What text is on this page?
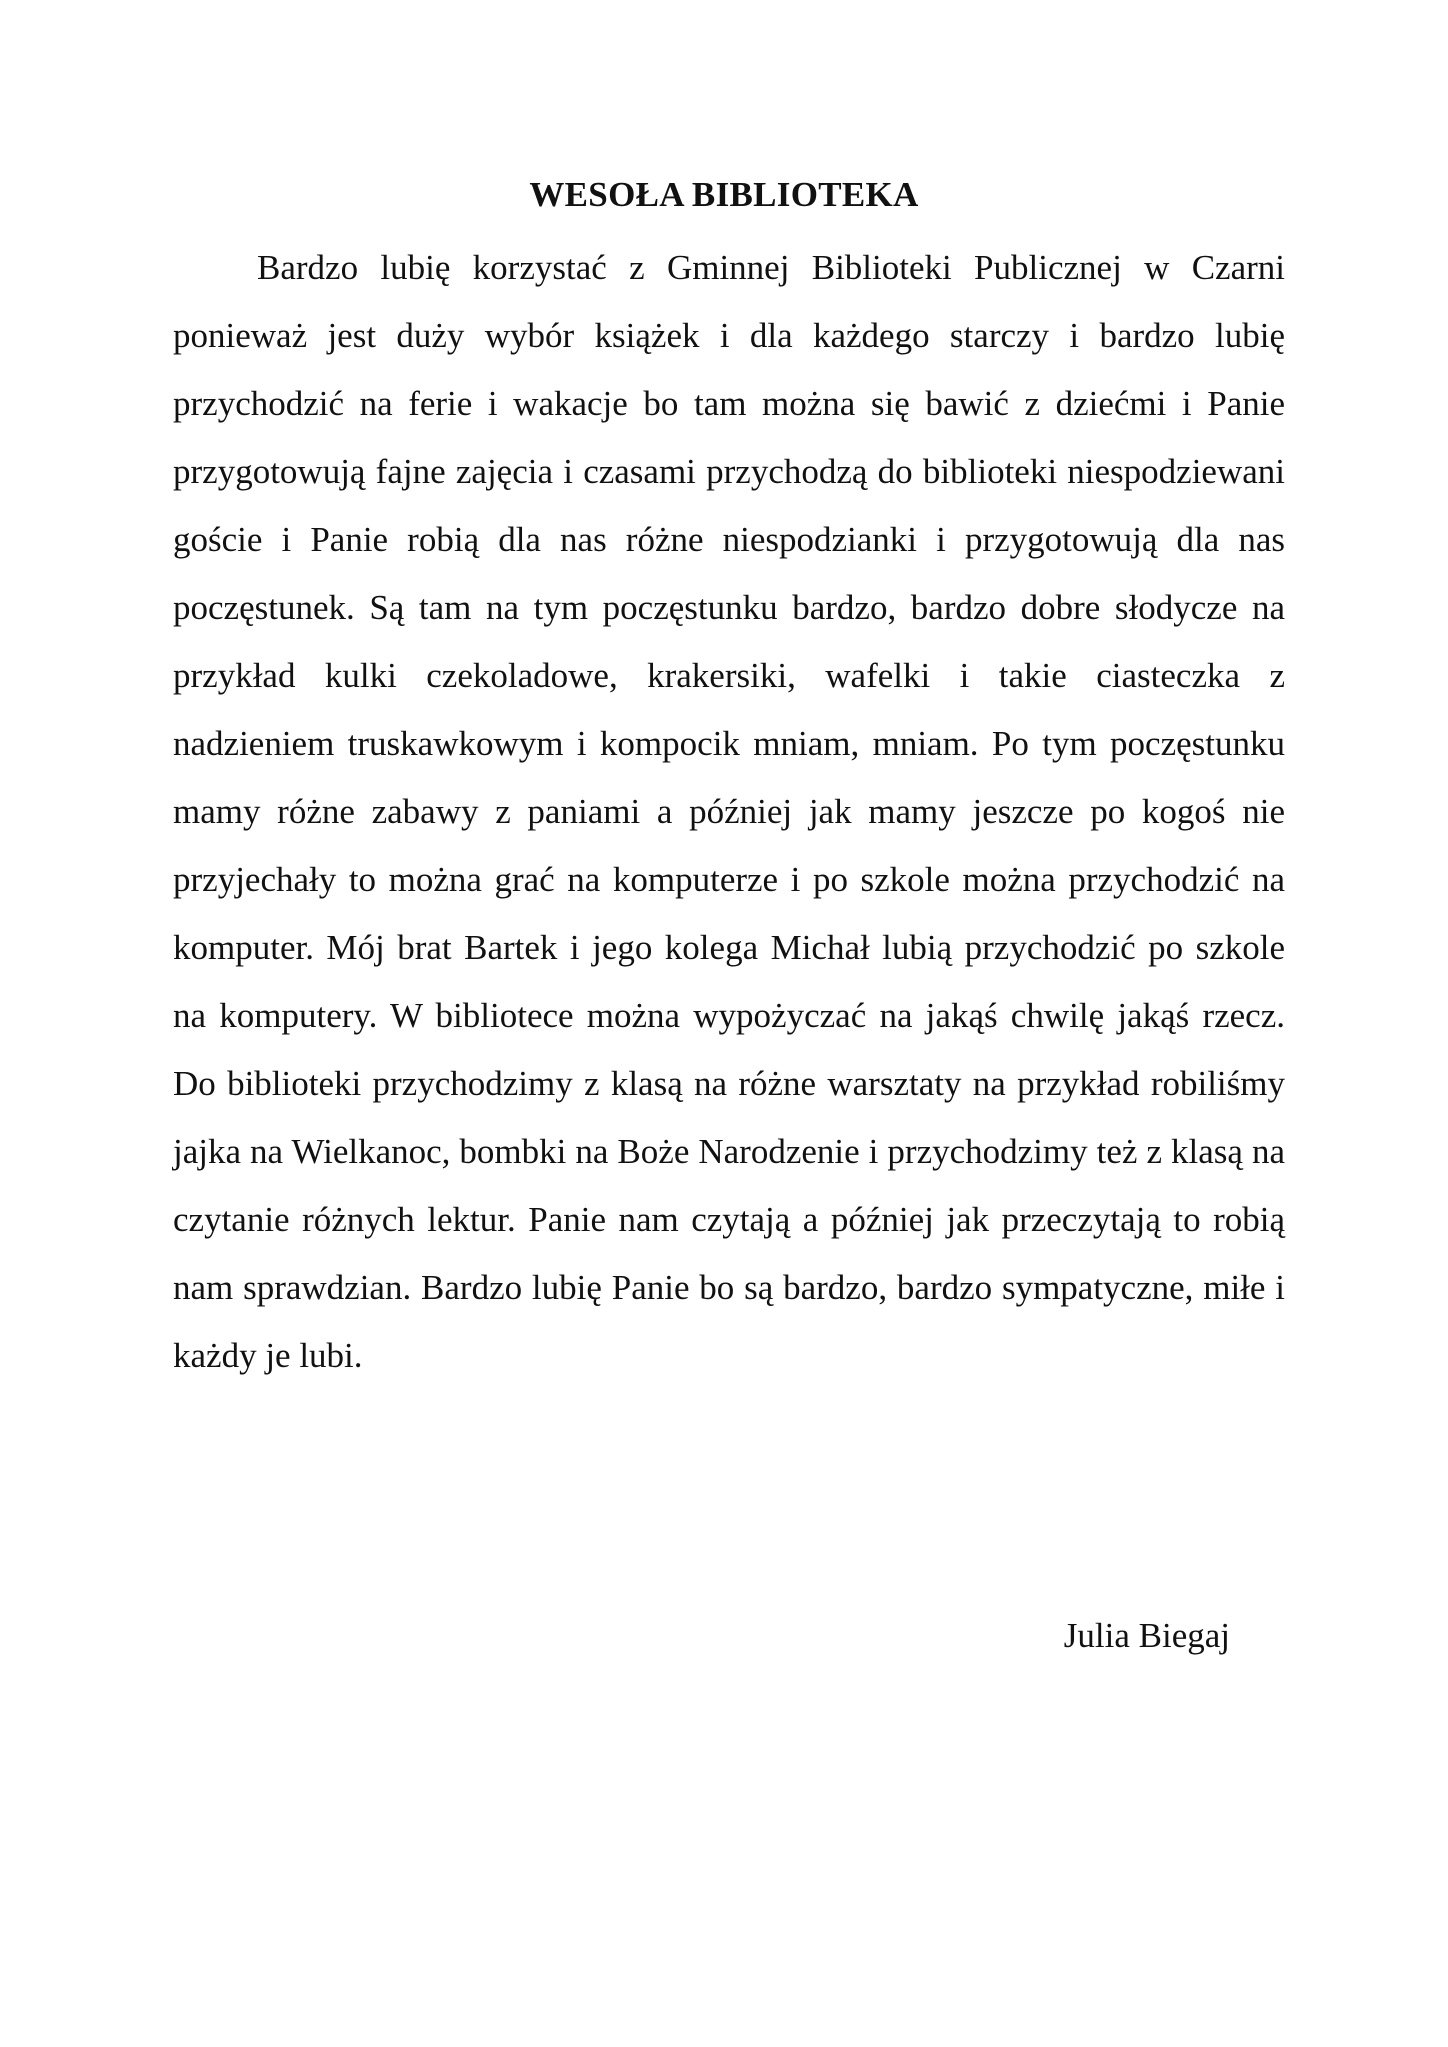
WESOŁA BIBLIOTEKA

Bardzo lubię korzystać z Gminnej Biblioteki Publicznej w Czarni ponieważ jest duży wybór książek i dla każdego starczy i bardzo lubię przychodzić na ferie i wakacje bo tam można się bawić z dziećmi i Panie przygotowują fajne zajęcia i czasami przychodzą do biblioteki niespodziewani goście i Panie robią dla nas różne niespodzianki i przygotowują dla nas poczęstunek. Są tam na tym poczęstunku bardzo, bardzo dobre słodycze na przykład kulki czekoladowe, krakersiki, wafelki i takie ciasteczka z nadzieniem truskawkowym i kompocik mniam, mniam. Po tym poczęstunku mamy różne zabawy z paniami a później jak mamy jeszcze po kogoś nie przyjechały to można grać na komputerze i po szkole można przychodzić na komputer. Mój brat Bartek i jego kolega Michał lubią przychodzić po szkole na komputery. W bibliotece można wypożyczać na jakąś chwilę jakąś rzecz. Do biblioteki przychodzimy z klasą na różne warsztaty na przykład robiliśmy jajka na Wielkanoc, bombki na Boże Narodzenie i przychodzimy też z klasą na czytanie różnych lektur. Panie nam czytają a później jak przeczytają to robią nam sprawdzian. Bardzo lubię Panie bo są bardzo, bardzo sympatyczne, miłe i każdy je lubi.

Julia Biegaj
